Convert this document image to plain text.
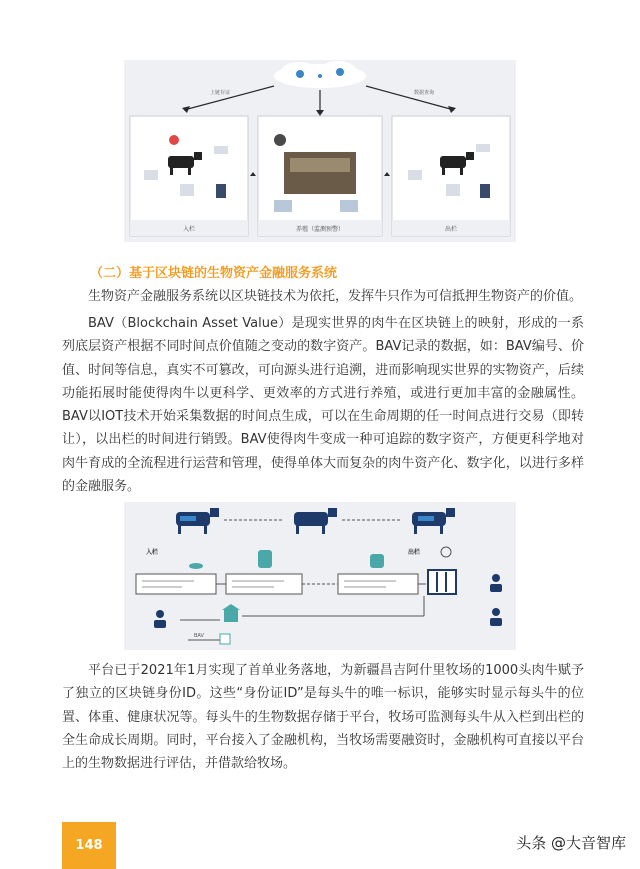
上链存证	数据查询
入栏	养殖（监测预警）	出栏
（二）基于区块链的生物资产金融服务系统

生物资产金融服务系统以区块链技术为依托，发挥牛只作为可信抵押生物资产的价值。

BAV（Blockchain Asset Value）是现实世界的肉牛在区块链上的映射，形成的一系列底层资产根据不同时间点价值随之变动的数字资产。BAV记录的数据，如：BAV编号、价值、时间等信息，真实不可篡改，可向源头进行追溯，进而影响现实世界的实物资产，后续功能拓展时能使得肉牛以更科学、更效率的方式进行养殖，或进行更加丰富的金融属性。BAV以IOT技术开始采集数据的时间点生成，可以在生命周期的任一时间点进行交易（即转让），以出栏的时间进行销毁。BAV使得肉牛变成一种可追踪的数字资产，方便更科学地对肉牛育成的全流程进行运营和管理，使得单体大而复杂的肉牛资产化、数字化，以进行多样的金融服务。

入栏	出栏
BAV

平台已于2021年1月实现了首单业务落地，为新疆昌吉阿什里牧场的1000头肉牛赋予了独立的区块链身份ID。这些“身份证ID”是每头牛的唯一标识，能够实时显示每头牛的位置、体重、健康状况等。每头牛的生物数据存储于平台，牧场可监测每头牛从入栏到出栏的全生命成长周期。同时，平台接入了金融机构，当牧场需要融资时，金融机构可直接以平台上的生物数据进行评估，并借款给牧场。

148	头条 @大音智库
